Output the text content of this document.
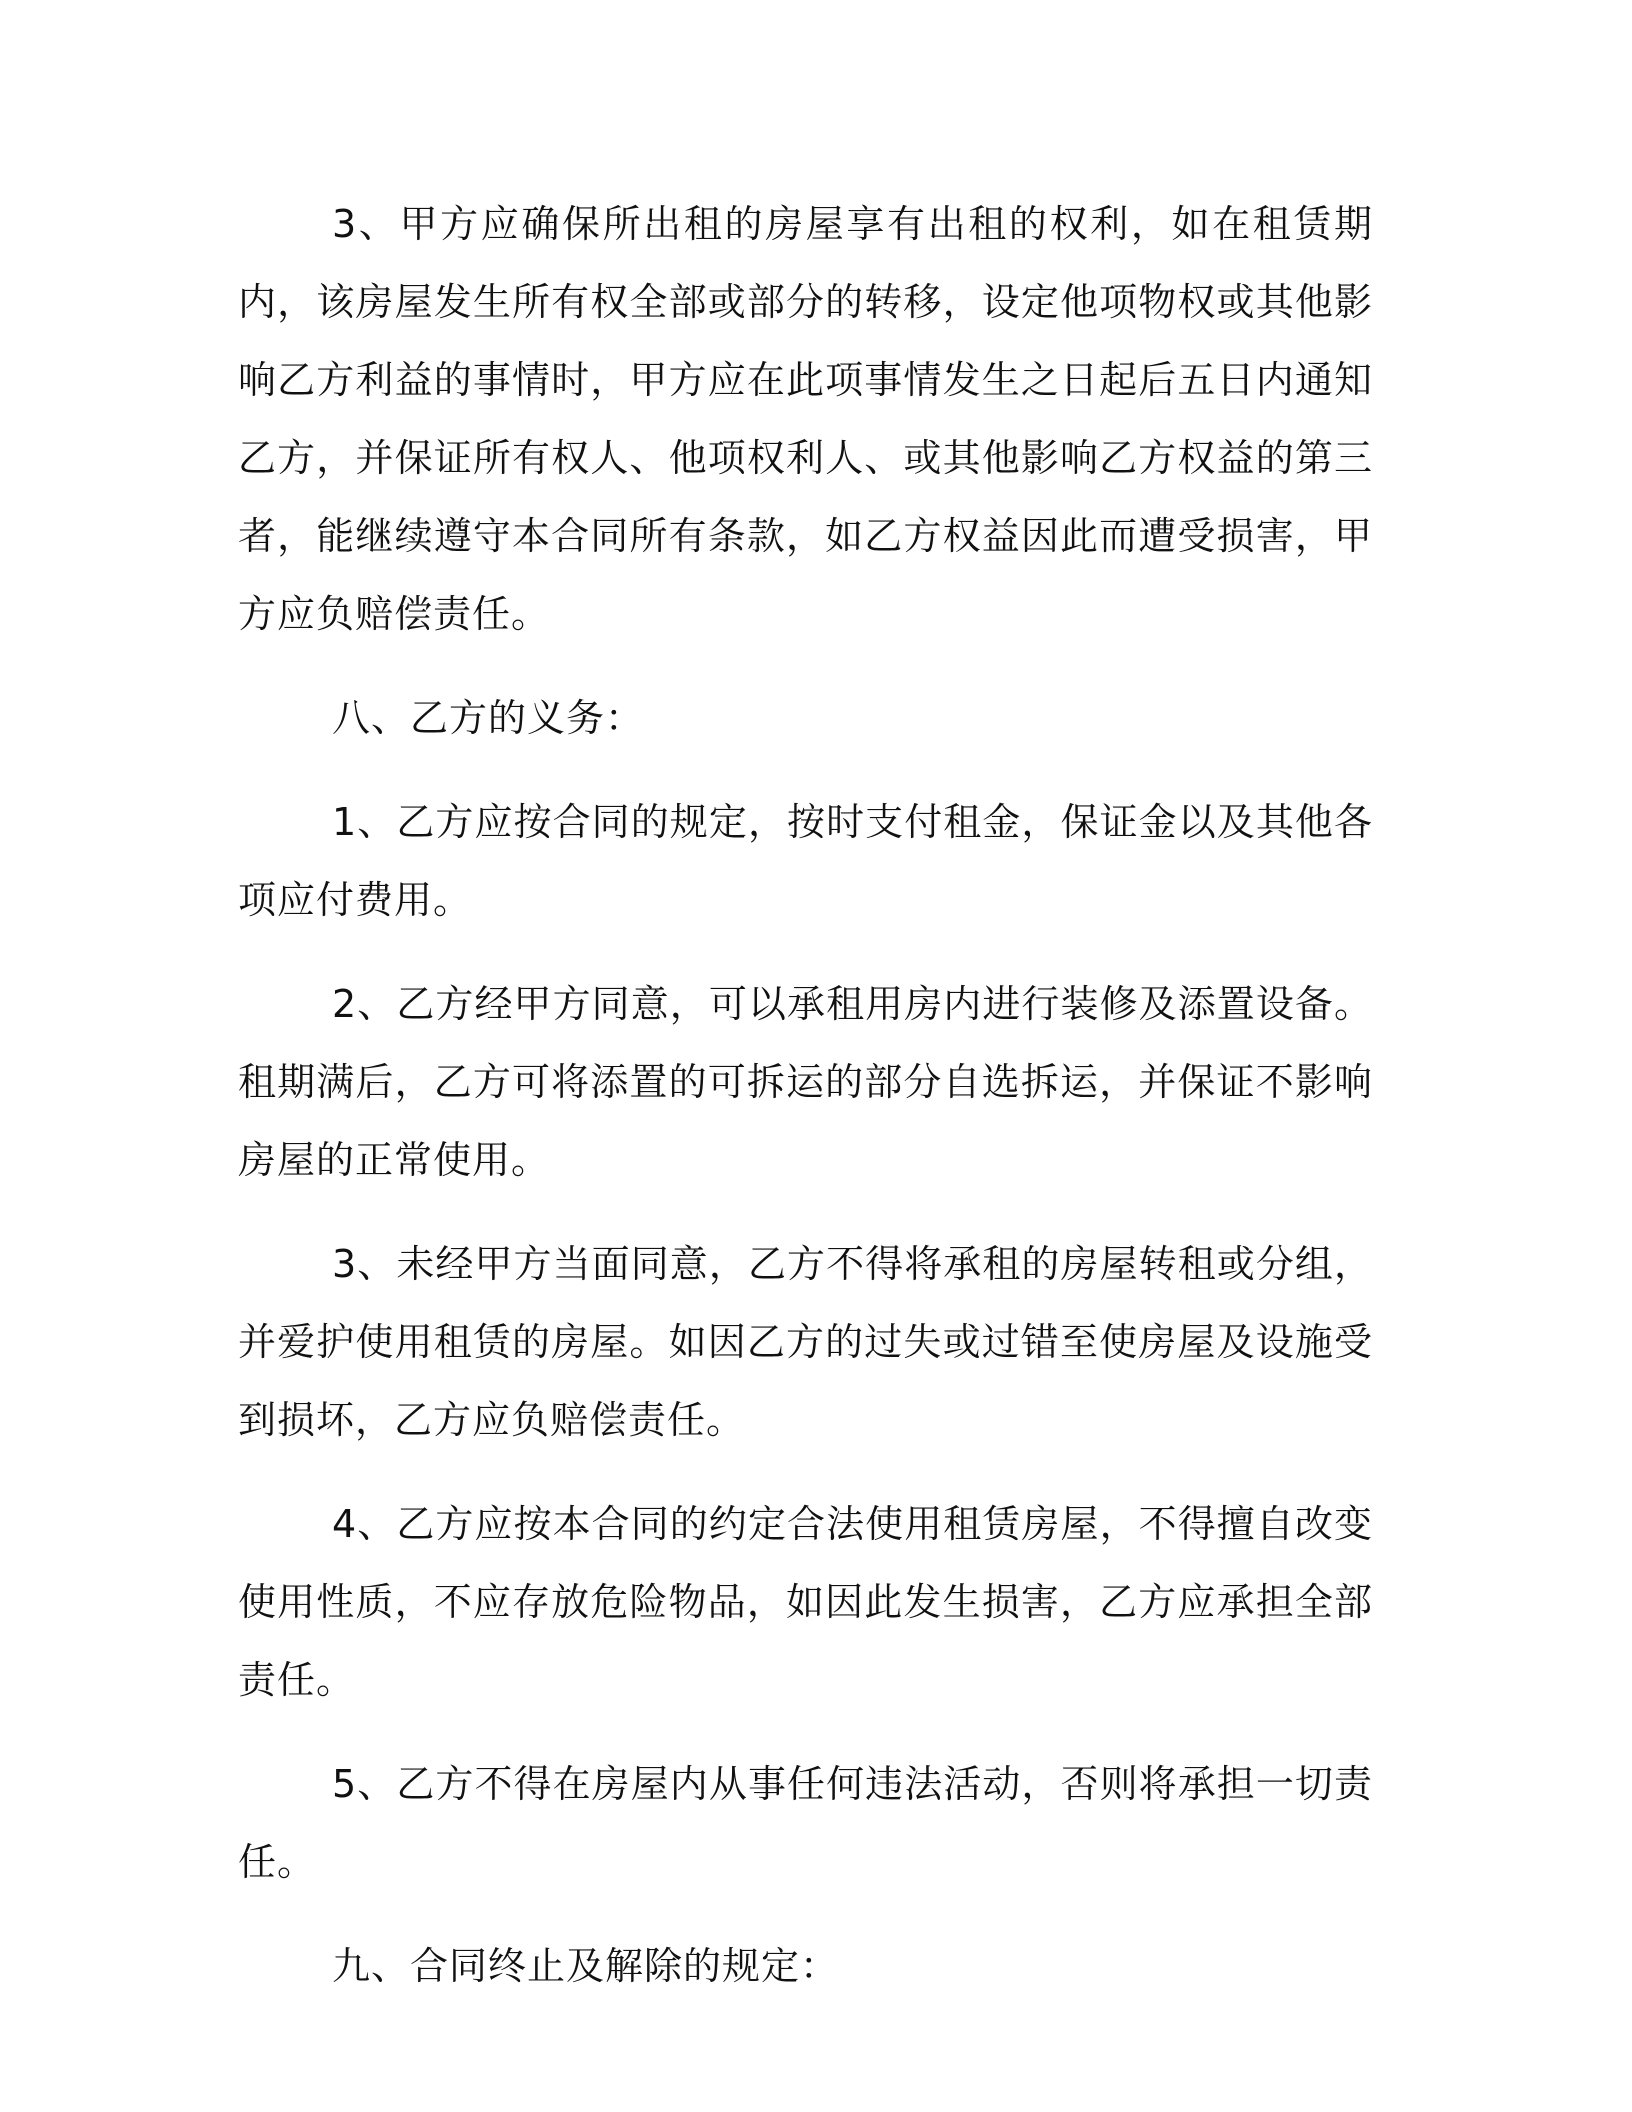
3、甲方应确保所出租的房屋享有出租的权利，如在租赁期内，该房屋发生所有权全部或部分的转移，设定他项物权或其他影响乙方利益的事情时，甲方应在此项事情发生之日起后五日内通知乙方，并保证所有权人、他项权利人、或其他影响乙方权益的第三者，能继续遵守本合同所有条款，如乙方权益因此而遭受损害，甲方应负赔偿责任。

八、乙方的义务：

1、乙方应按合同的规定，按时支付租金，保证金以及其他各项应付费用。

2、乙方经甲方同意，可以承租用房内进行装修及添置设备。租期满后，乙方可将添置的可拆运的部分自选拆运，并保证不影响房屋的正常使用。

3、未经甲方当面同意，乙方不得将承租的房屋转租或分组，并爱护使用租赁的房屋。如因乙方的过失或过错至使房屋及设施受到损坏，乙方应负赔偿责任。

4、乙方应按本合同的约定合法使用租赁房屋，不得擅自改变使用性质，不应存放危险物品，如因此发生损害，乙方应承担全部责任。

5、乙方不得在房屋内从事任何违法活动，否则将承担一切责任。

九、合同终止及解除的规定：
